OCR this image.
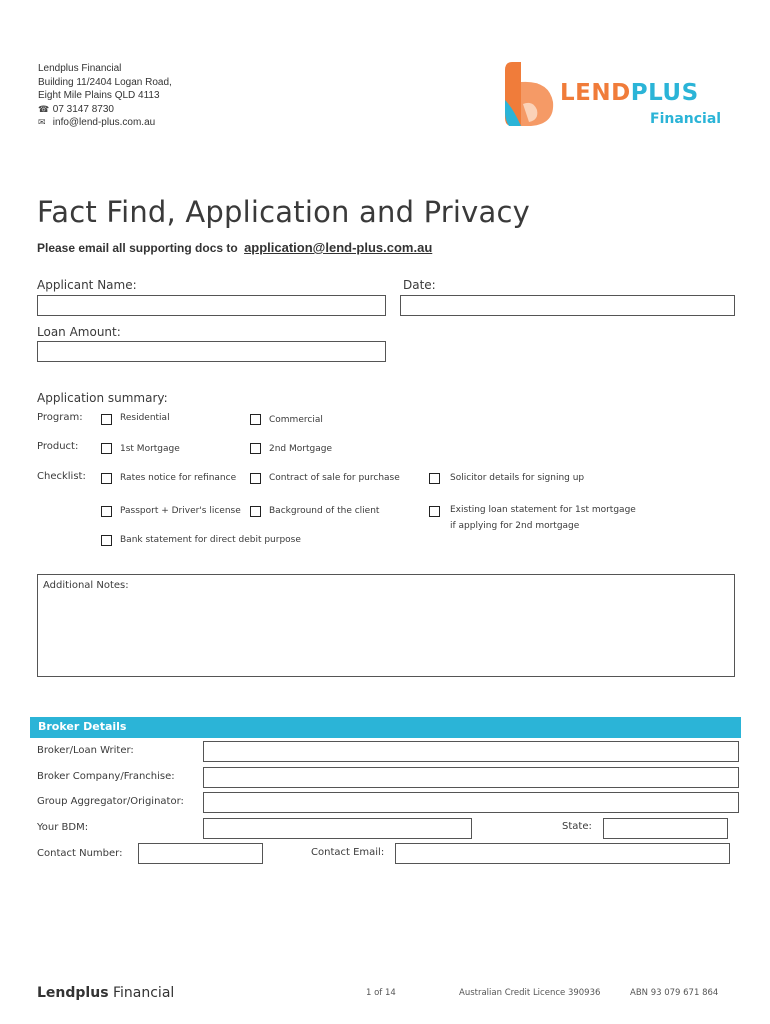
Lendplus Financial
Building 11/2404 Logan Road,
Eight Mile Plains QLD 4113
☎ 07 3147 8730
✉ info@lend-plus.com.au
LENDPLUS
Financial
Fact Find, Application and Privacy
Please email all supporting docs to application@lend-plus.com.au
Applicant Name:	Date:
Loan Amount:
Application summary:
Program:	Residential	Commercial
Product:	1st Mortgage	2nd Mortgage
Checklist:	Rates notice for refinance	Contract of sale for purchase	Solicitor details for signing up
Passport + Driver's license	Background of the client	Existing loan statement for 1st mortgage
if applying for 2nd mortgage
Bank statement for direct debit purpose
Additional Notes:
Broker Details
Broker/Loan Writer:
Broker Company/Franchise:
Group Aggregator/Originator:
Your BDM:	State:
Contact Number:	Contact Email:
Lendplus Financial	1 of 14	Australian Credit Licence 390936	ABN 93 079 671 864
